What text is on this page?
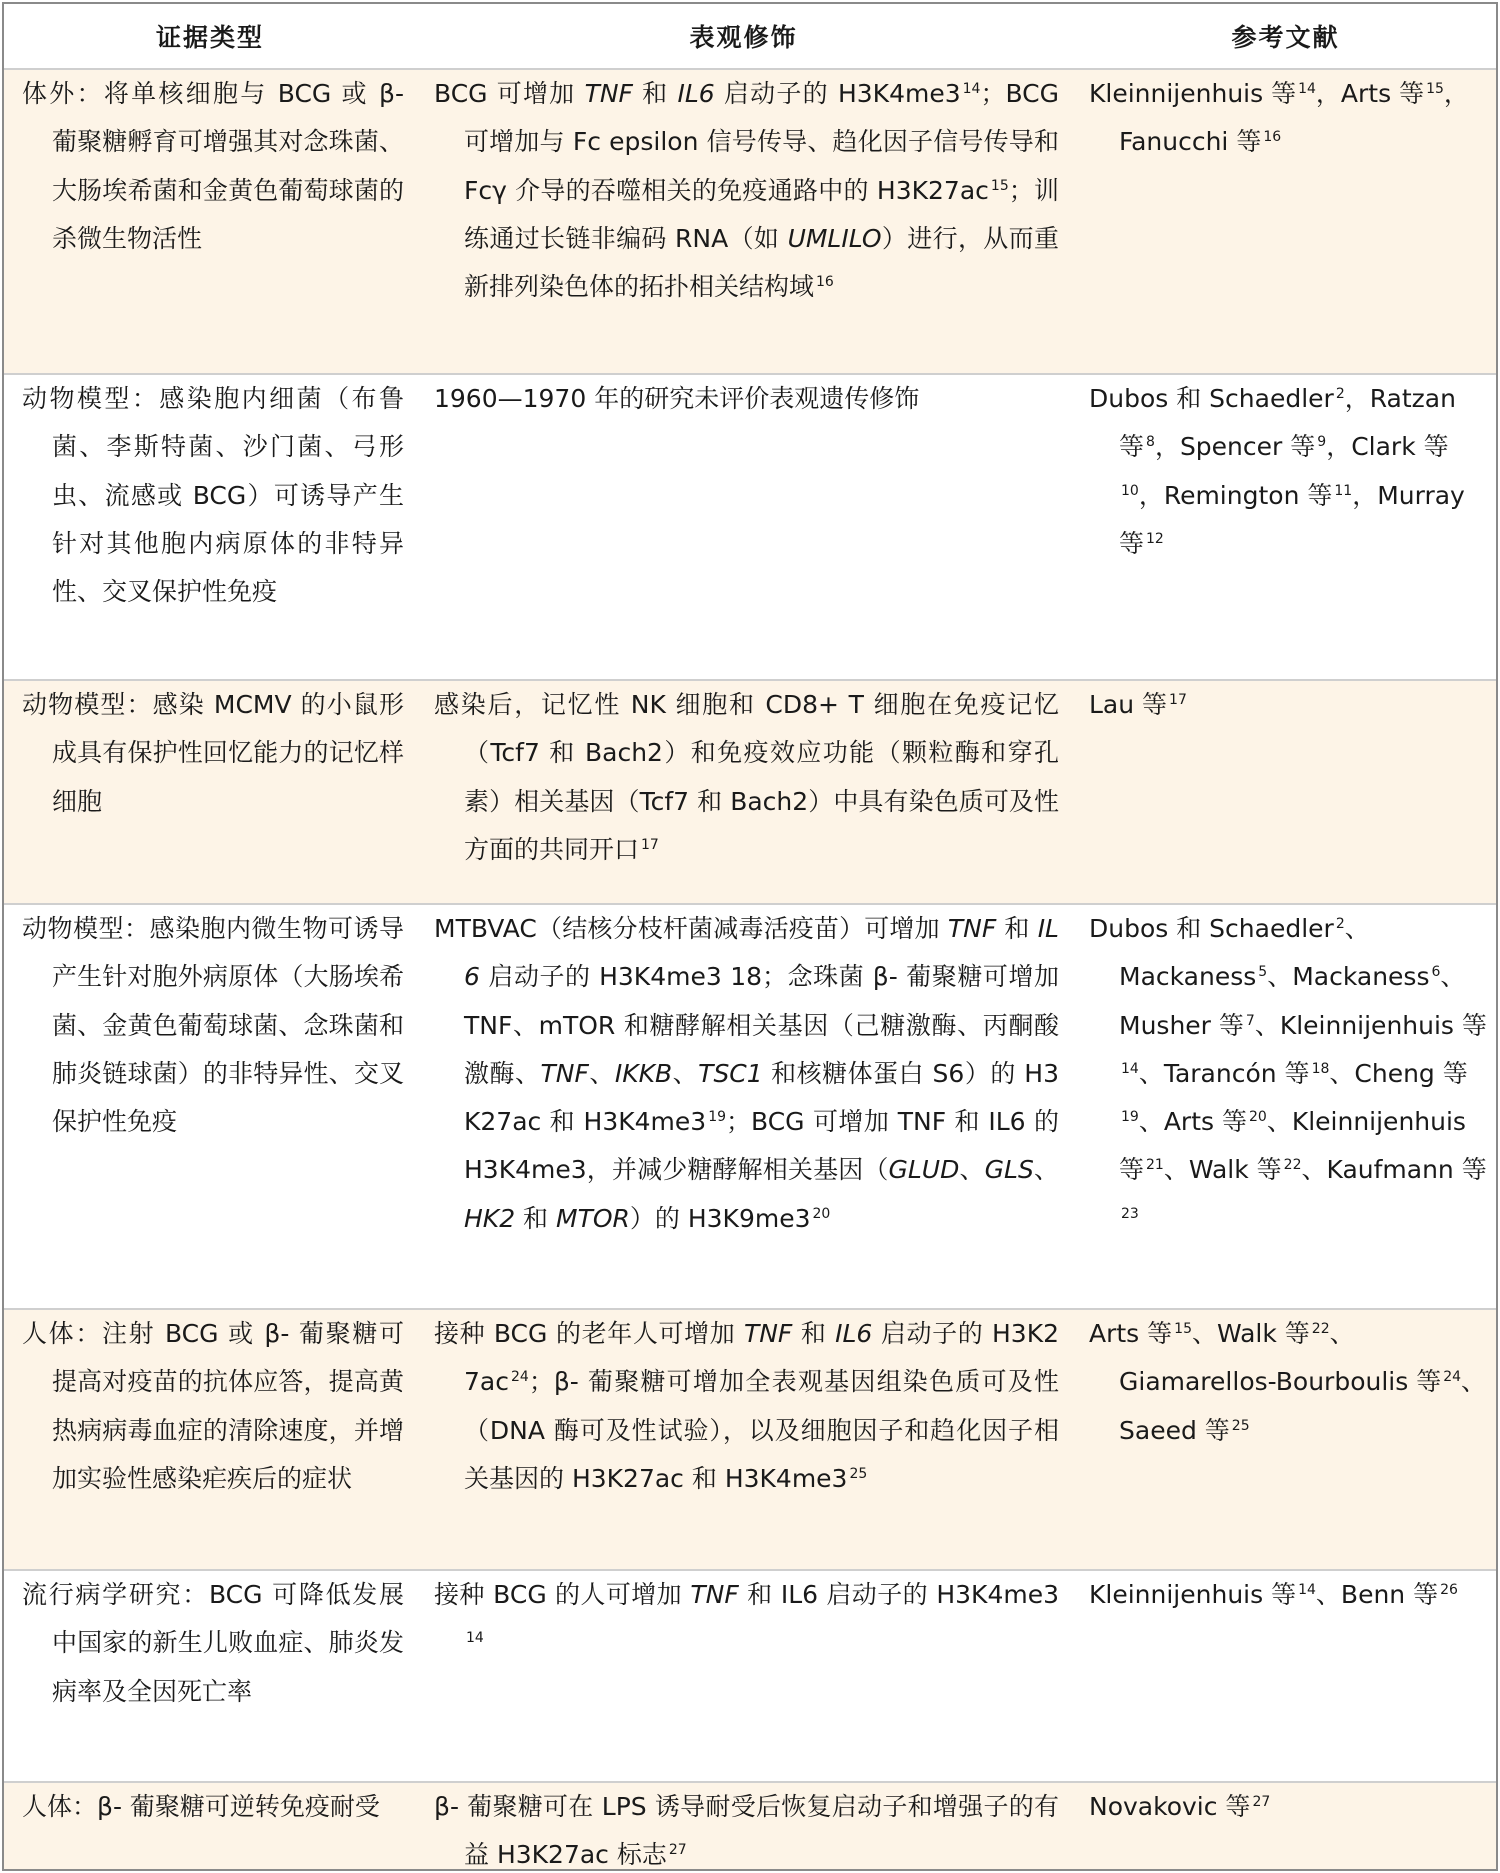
证据类型	表观修饰	参考文献

体外：将单核细胞与 BCG 或 β- 葡聚糖孵育可增强其对念珠菌、大肠埃希菌和金黄色葡萄球菌的杀微生物活性	BCG 可增加 TNF 和 IL6 启动子的 H3K4me3 $^{14}$；BCG 可增加与 Fc epsilon 信号传导、趋化因子信号传导和 Fcγ 介导的吞噬相关的免疫通路中的 H3K27ac $^{15}$；训练通过长链非编码 RNA（如 UMLILO）进行，从而重新排列染色体的拓扑相关结构域 $^{16}$	Kleinnijenhuis 等 $^{14}$，Arts 等 $^{15}$，Fanucchi 等 $^{16}$

动物模型：感染胞内细菌（布鲁菌、李斯特菌、沙门菌、弓形虫、流感或 BCG）可诱导产生针对其他胞内病原体的非特异性、交叉保护性免疫	1960—1970 年的研究未评价表观遗传修饰	Dubos 和 Schaedler $^2$，Ratzan 等 $^8$，Spencer 等 $^9$，Clark 等$^{10}$，Remington 等 $^{11}$，Murray 等 $^{12}$

动物模型：感染 MCMV 的小鼠形成具有保护性回忆能力的记忆样细胞	感染后，记忆性 NK 细胞和 CD8+ T 细胞在免疫记忆（Tcf7 和 Bach2）和免疫效应功能（颗粒酶和穿孔素）相关基因（Tcf7 和 Bach2）中具有染色质可及性方面的共同开口 $^{17}$	Lau 等 $^{17}$

动物模型：感染胞内微生物可诱导产生针对胞外病原体（大肠埃希菌、金黄色葡萄球菌、念珠菌和肺炎链球菌）的非特异性、交叉保护性免疫	MTBVAC（结核分枝杆菌减毒活疫苗）可增加 TNF 和 IL6 启动子的 H3K4me3 18；念珠菌 β- 葡聚糖可增加 TNF、mTOR 和糖酵解相关基因（己糖激酶、丙酮酸激酶、TNF、IKKB、TSC1 和核糖体蛋白 S6）的 H3K27ac 和 H3K4me3 $^{19}$；BCG 可增加 TNF 和 IL6 的 H3K4me3，并减少糖酵解相关基因（GLUD、GLS、HK2 和 MTOR）的 H3K9me3 $^{20}$	Dubos 和 Schaedler $^2$、Mackaness $^5$、Mackaness $^6$、Musher 等 $^7$、Kleinnijenhuis 等$^{14}$、Tarancón 等 $^{18}$、Cheng 等$^{19}$、Arts 等 $^{20}$、Kleinnijenhuis 等 $^{21}$、Walk 等 $^{22}$、Kaufmann 等$^{23}$

人体：注射 BCG 或 β- 葡聚糖可提高对疫苗的抗体应答，提高黄热病病毒血症的清除速度，并增加实验性感染疟疾后的症状	接种 BCG 的老年人可增加 TNF 和 IL6 启动子的 H3K27ac $^{24}$；β- 葡聚糖可增加全表观基因组染色质可及性（DNA 酶可及性试验），以及细胞因子和趋化因子相关基因的 H3K27ac 和 H3K4me3 $^{25}$	Arts 等 $^{15}$、Walk 等 $^{22}$、Giamarellos-Bourboulis 等 $^{24}$、Saeed 等 $^{25}$

流行病学研究：BCG 可降低发展中国家的新生儿败血症、肺炎发病率及全因死亡率	接种 BCG 的人可增加 TNF 和 IL6 启动子的 $H3K4me3^{14}$	Kleinnijenhuis 等 $^{14}$、Benn 等 $^{26}$

人体：β- 葡聚糖可逆转免疫耐受	β- 葡聚糖可在 LPS 诱导耐受后恢复启动子和增强子的有益 H3K27ac 标志 $^{27}$	Novakovic 等 $^{27}$
